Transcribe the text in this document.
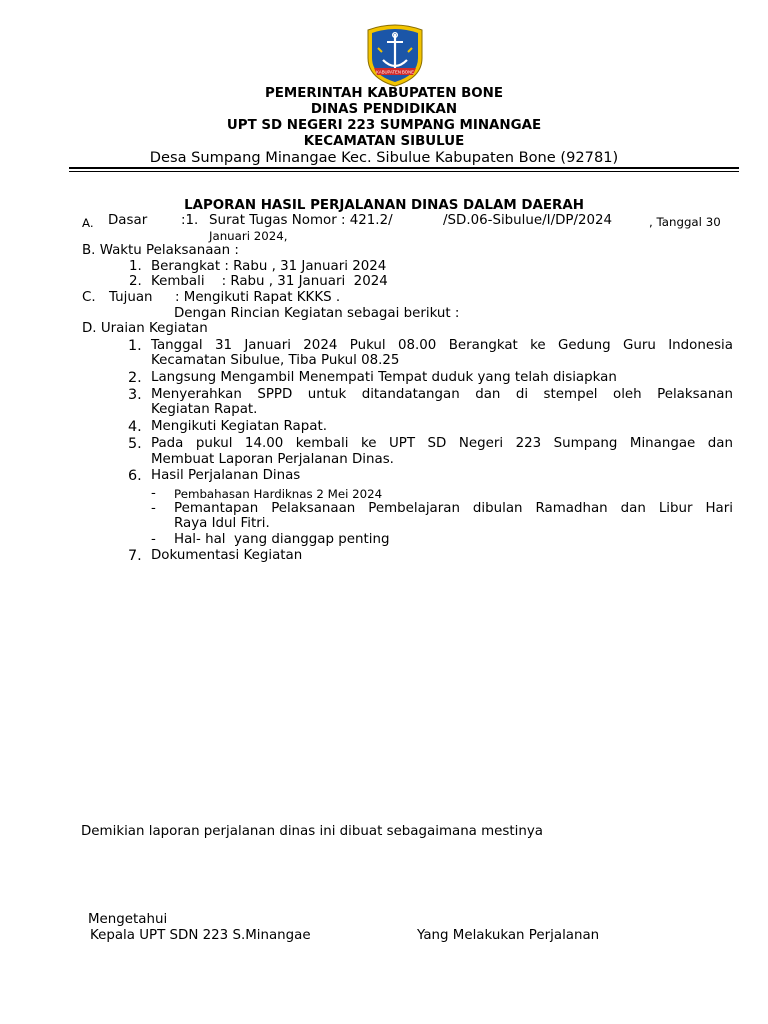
KABUPATEN BONE
PEMERINTAH KABUPATEN BONE
DINAS PENDIDIKAN
UPT SD NEGERI 223 SUMPANG MINANGAE
KECAMATAN SIBULUE
Desa Sumpang Minangae Kec. Sibulue Kabupaten Bone (92781)
LAPORAN HASIL PERJALANAN DINAS DALAM DAERAH
A. Dasar	:1. Surat Tugas Nomor : 421.2/	/SD.06-Sibulue/I/DP/2024	, Tanggal 30
Januari 2024,
B. Waktu Pelaksanaan :
1. Berangkat : Rabu , 31 Januari 2024
2. Kembali    : Rabu , 31 Januari  2024
C. Tujuan : Mengikuti Rapat KKKS .
Dengan Rincian Kegiatan sebagai berikut :
D. Uraian Kegiatan
1. Tanggal 31 Januari 2024 Pukul 08.00 Berangkat ke Gedung Guru Indonesia
Kecamatan Sibulue, Tiba Pukul 08.25
2. Langsung Mengambil Menempati Tempat duduk yang telah disiapkan
3. Menyerahkan SPPD untuk ditandatangan dan di stempel oleh Pelaksanan
Kegiatan Rapat.
4. Mengikuti Kegiatan Rapat.
5. Pada pukul 14.00 kembali ke UPT SD Negeri 223 Sumpang Minangae dan
Membuat Laporan Perjalanan Dinas.
6. Hasil Perjalanan Dinas
- Pembahasan Hardiknas 2 Mei 2024
- Pemantapan Pelaksanaan Pembelajaran dibulan Ramadhan dan Libur Hari
Raya Idul Fitri.
- Hal- hal  yang dianggap penting
7. Dokumentasi Kegiatan
Demikian laporan perjalanan dinas ini dibuat sebagaimana mestinya
Mengetahui
Kepala UPT SDN 223 S.Minangae	Yang Melakukan Perjalanan
